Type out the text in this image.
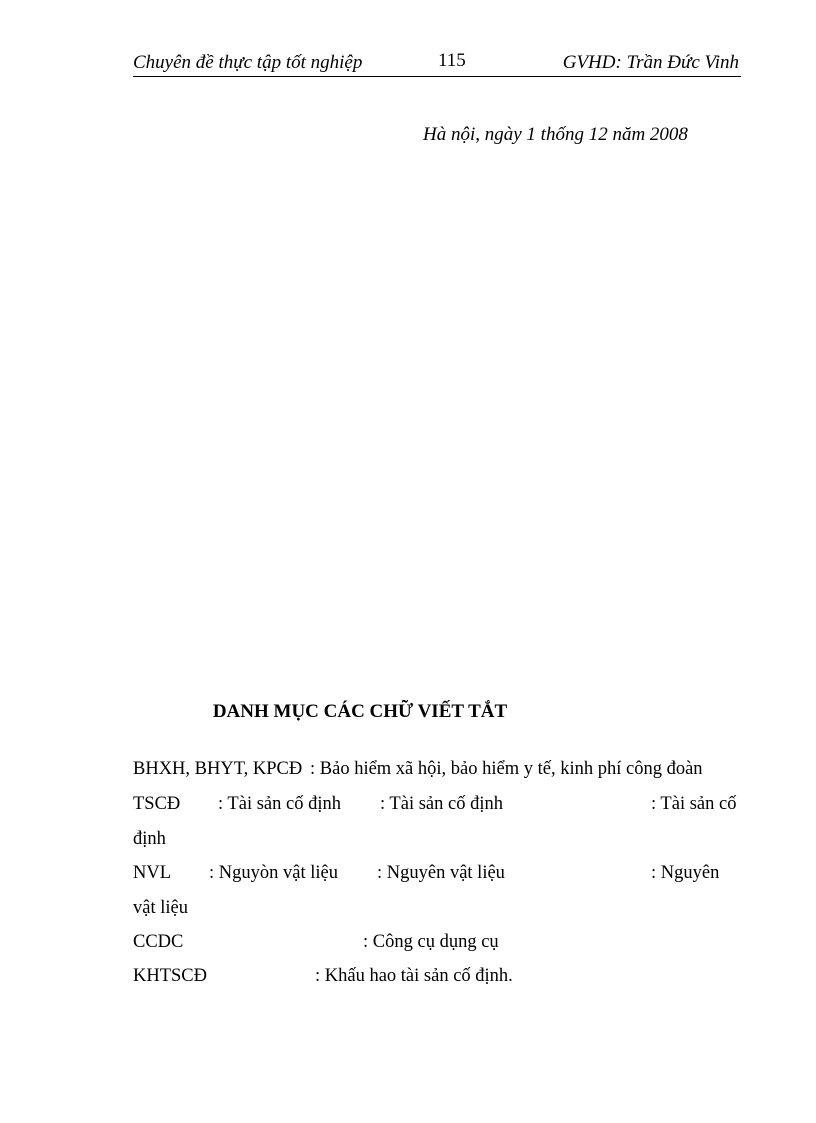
Chuyên đề thực tập tốt nghiệp	115	GVHD: Trần Đức Vinh
Hà nội, ngày 1 thống 12 năm 2008
DANH MỤC CÁC CHỮ VIẾT TẮT
BHXH, BHYT, KPCĐ : Bảo hiểm xã hội, bảo hiểm y tế, kinh phí công đoàn
TSCĐ : Tài sản cố định : Tài sản cố định	: Tài sản cố
định
NVL : Nguyòn vật liệu : Nguyên vật liệu	: Nguyên
vật liệu
CCDC	: Công cụ dụng cụ
KHTSCĐ	: Khấu hao tài sản cố định.
